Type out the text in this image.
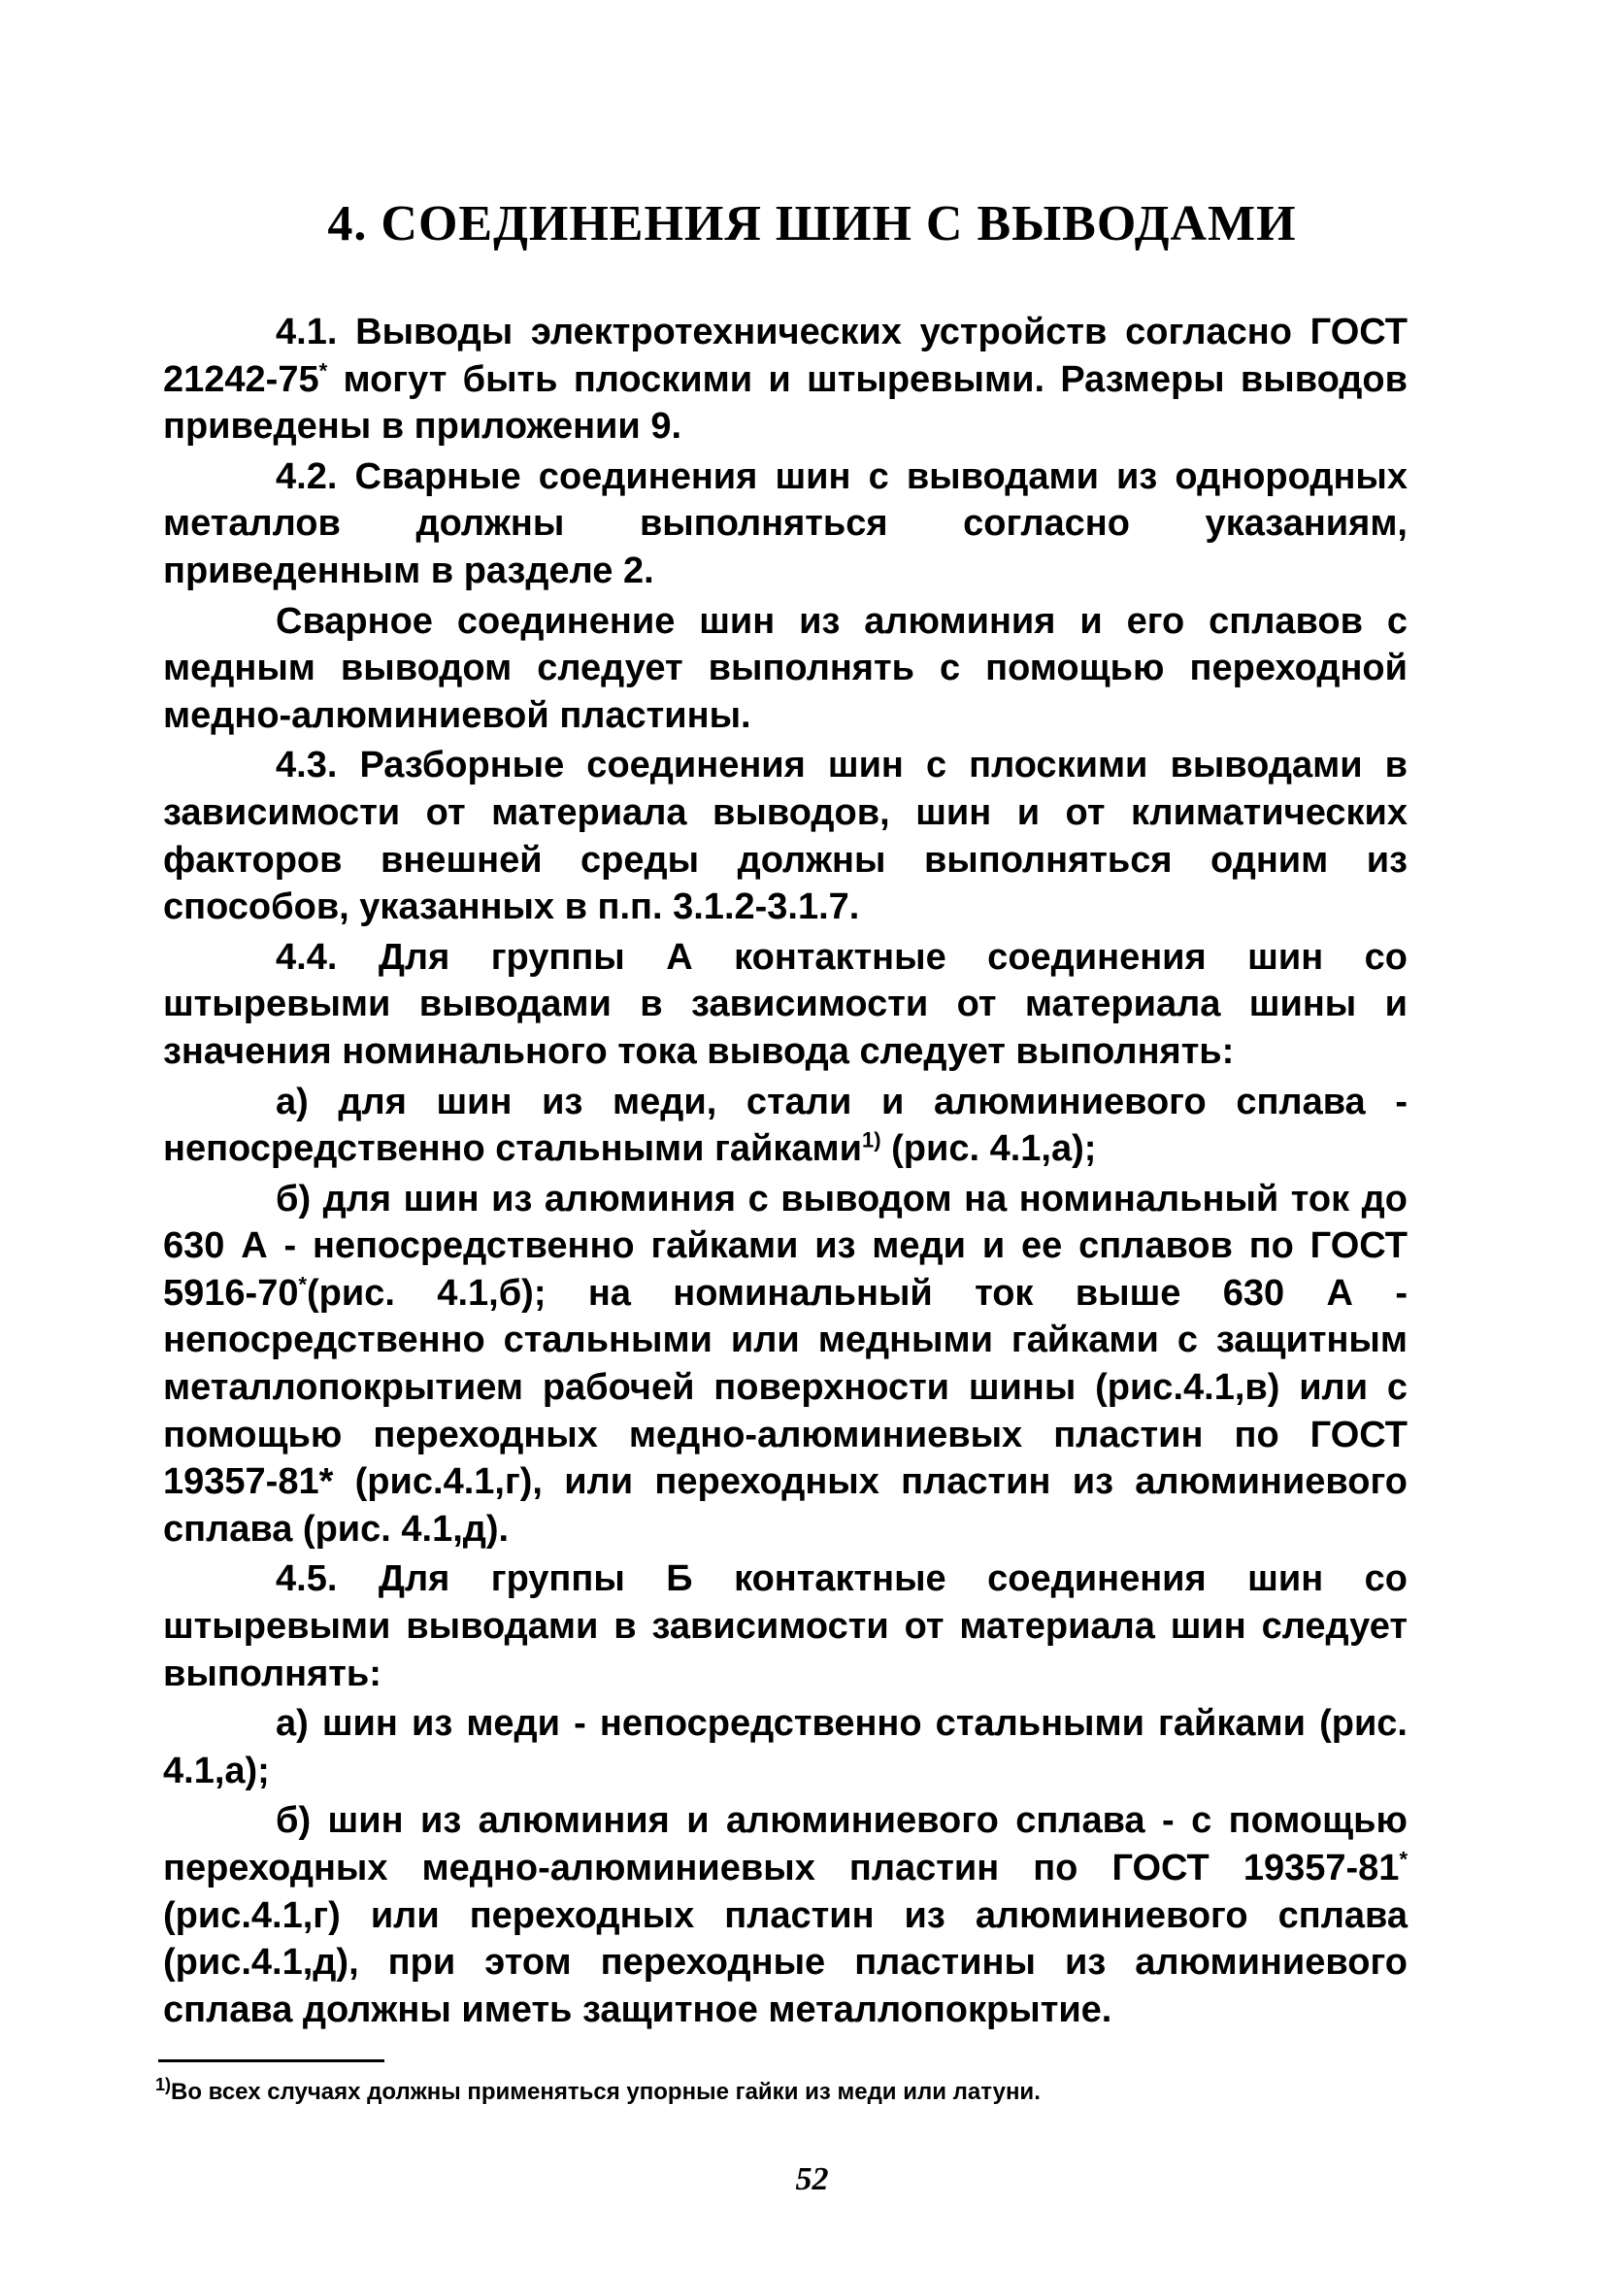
4. СОЕДИНЕНИЯ ШИН С ВЫВОДАМИ

4.1. Выводы электротехнических устройств согласно ГОСТ 21242-75* могут быть плоскими и штыревыми. Размеры выводов приведены в приложении 9.

4.2. Сварные соединения шин с выводами из однородных металлов должны выполняться согласно указаниям, приведенным в разделе 2.

Сварное соединение шин из алюминия и его сплавов с медным выводом следует выполнять с помощью переходной медно-алюминиевой пластины.

4.3. Разборные соединения шин с плоскими выводами в зависимости от материала выводов, шин и от климатических факторов внешней среды должны выполняться одним из способов, указанных в п.п. 3.1.2-3.1.7.

4.4. Для группы А контактные соединения шин со штыревыми выводами в зависимости от материала шины и значения номинального тока вывода следует выполнять:

а) для шин из меди, стали и алюминиевого сплава - непосредственно стальными гайками$^{1)}$ (рис. 4.1,а);

б) для шин из алюминия с выводом на номинальный ток до 630 А - непосредственно гайками из меди и ее сплавов по ГОСТ 5916-70*(рис. 4.1,б); на номинальный ток выше 630 А - непосредственно стальными или медными гайками с защитным металлопокрытием рабочей поверхности шины (рис.4.1,в) или с помощью переходных медно-алюминиевых пластин по ГОСТ 19357-81* (рис.4.1,г), или переходных пластин из алюминиевого сплава (рис. 4.1,д).

4.5. Для группы Б контактные соединения шин со штыревыми выводами в зависимости от материала шин следует выполнять:

а) шин из меди - непосредственно стальными гайками (рис. 4.1,а);

б) шин из алюминия и алюминиевого сплава - с помощью переходных медно-алюминиевых пластин по ГОСТ 19357-81* (рис.4.1,г) или переходных пластин из алюминиевого сплава (рис.4.1,д), при этом переходные пластины из алюминиевого сплава должны иметь защитное металлопокрытие.

$^{1)}$Во всех случаях должны применяться упорные гайки из меди или латуни.
52
